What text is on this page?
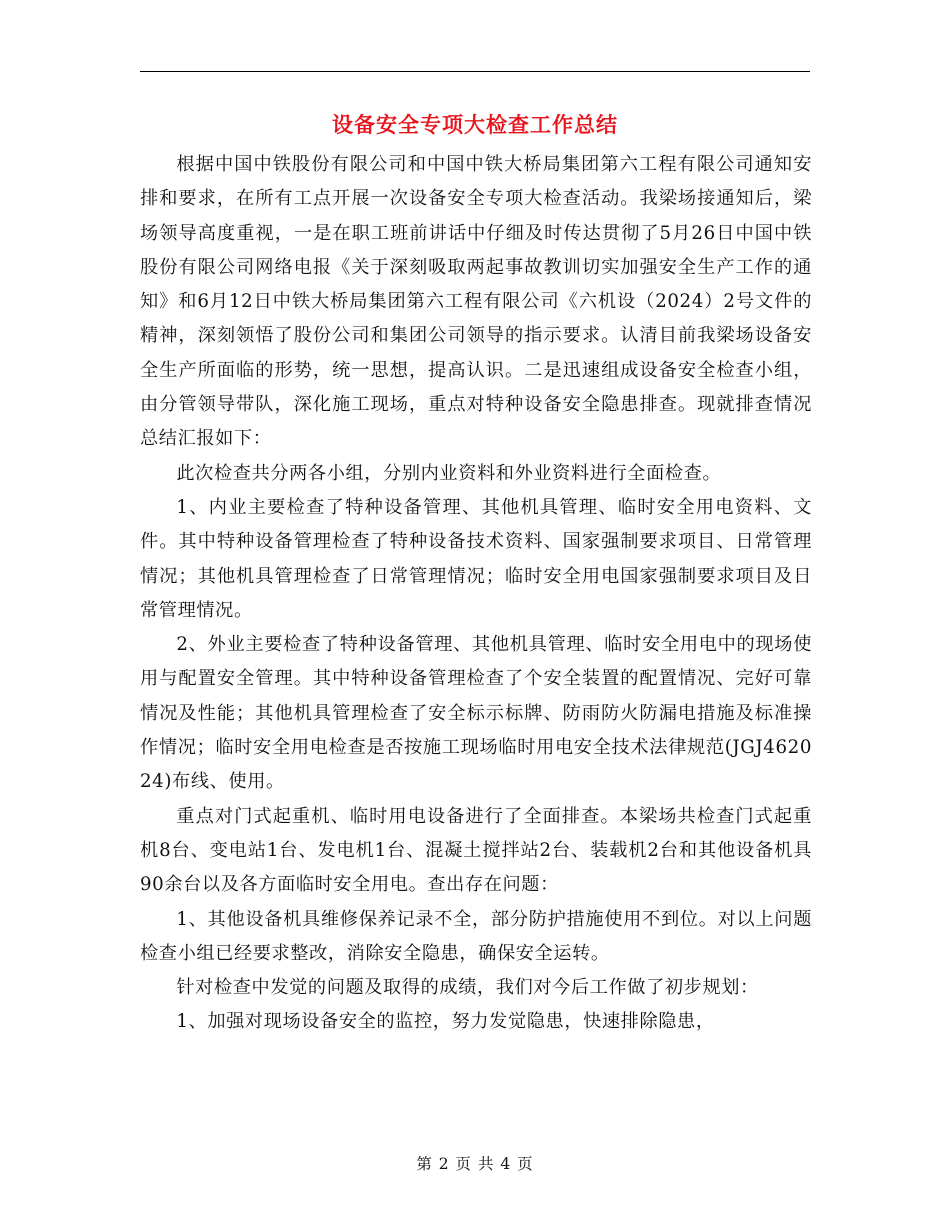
设备安全专项大检查工作总结

根据中国中铁股份有限公司和中国中铁大桥局集团第六工程有限公司通知安排和要求，在所有工点开展一次设备安全专项大检查活动。我梁场接通知后，梁场领导高度重视，一是在职工班前讲话中仔细及时传达贯彻了5月26日中国中铁股份有限公司网络电报《关于深刻吸取两起事故教训切实加强安全生产工作的通知》和6月12日中铁大桥局集团第六工程有限公司《六机设（2024）2号文件的精神，深刻领悟了股份公司和集团公司领导的指示要求。认清目前我梁场设备安全生产所面临的形势，统一思想，提高认识。二是迅速组成设备安全检查小组，由分管领导带队，深化施工现场，重点对特种设备安全隐患排查。现就排查情况总结汇报如下：

此次检查共分两各小组，分别内业资料和外业资料进行全面检查。

1、内业主要检查了特种设备管理、其他机具管理、临时安全用电资料、文件。其中特种设备管理检查了特种设备技术资料、国家强制要求项目、日常管理情况；其他机具管理检查了日常管理情况；临时安全用电国家强制要求项目及日常管理情况。

2、外业主要检查了特种设备管理、其他机具管理、临时安全用电中的现场使用与配置安全管理。其中特种设备管理检查了个安全装置的配置情况、完好可靠情况及性能；其他机具管理检查了安全标示标牌、防雨防火防漏电措施及标准操作情况；临时安全用电检查是否按施工现场临时用电安全技术法律规范(JGJ462024)布线、使用。

重点对门式起重机、临时用电设备进行了全面排查。本梁场共检查门式起重机8台、变电站1台、发电机1台、混凝土搅拌站2台、装载机2台和其他设备机具90余台以及各方面临时安全用电。查出存在问题：

1、其他设备机具维修保养记录不全，部分防护措施使用不到位。对以上问题检查小组已经要求整改，消除安全隐患，确保安全运转。

针对检查中发觉的问题及取得的成绩，我们对今后工作做了初步规划：

1、加强对现场设备安全的监控，努力发觉隐患，快速排除隐患，

第 2 页 共 4 页
